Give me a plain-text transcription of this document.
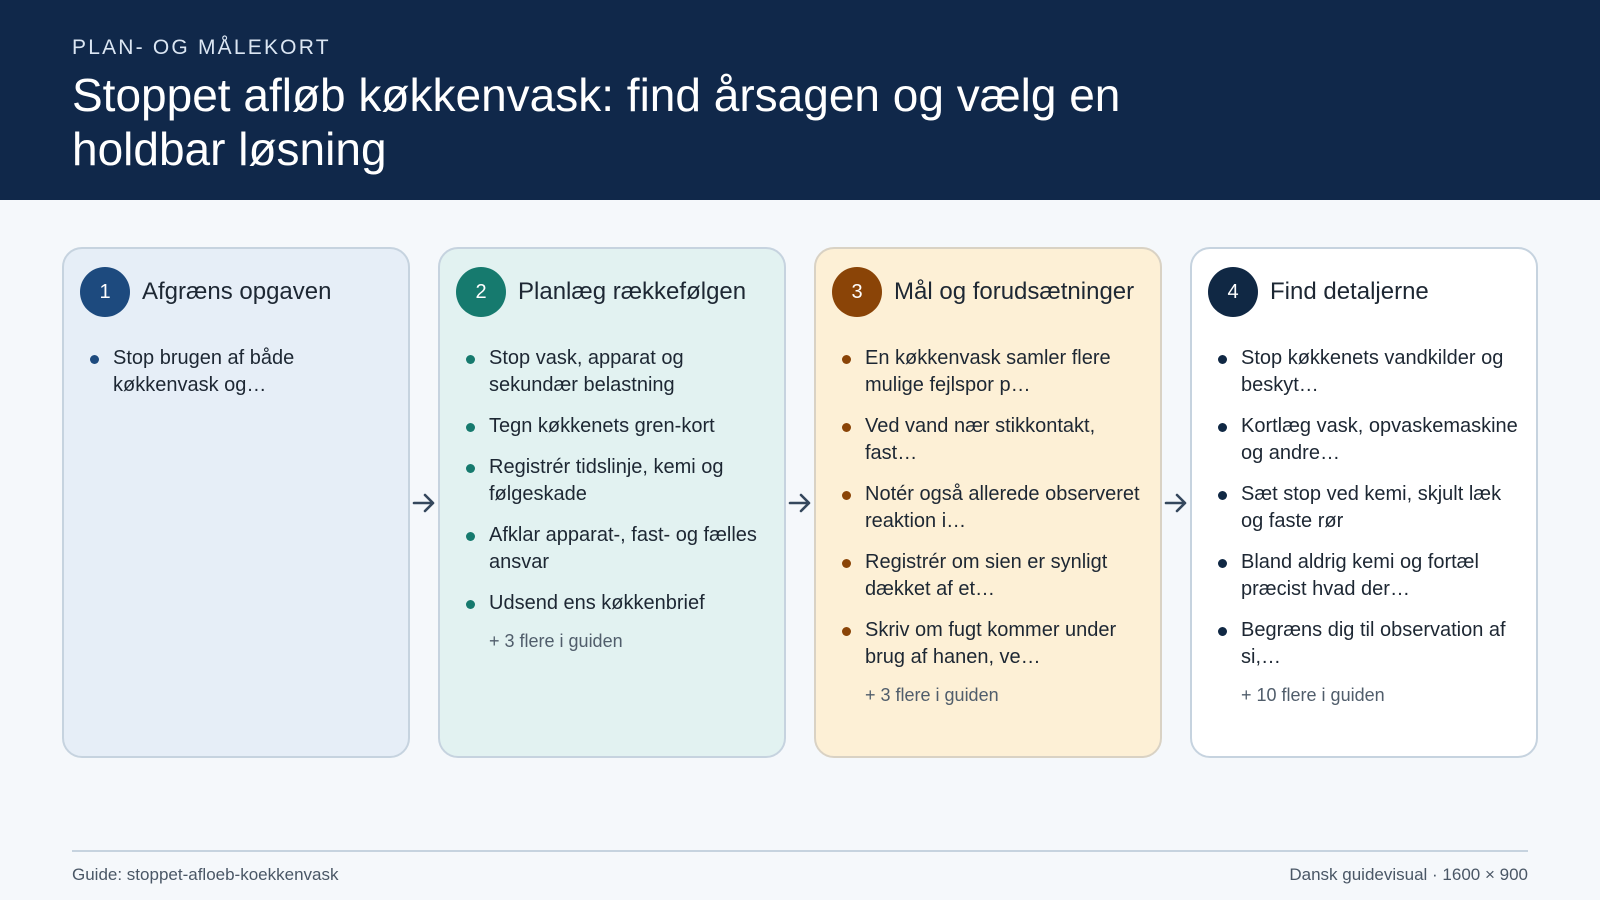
PLAN- OG MÅLEKORT
Stoppet afløb køkkenvask: find årsagen og vælg en holdbar løsning
1	Afgræns opgaven
Stop brugen af både køkkenvask og…
2	Planlæg rækkefølgen
Stop vask, apparat og sekundær belastning
Tegn køkkenets gren-kort
Registrér tidslinje, kemi og følgeskade
Afklar apparat-, fast- og fælles ansvar
Udsend ens køkkenbrief
+ 3 flere i guiden
3	Mål og forudsætninger
En køkkenvask samler flere mulige fejlspor p…
Ved vand nær stikkontakt, fast…
Notér også allerede observeret reaktion i…
Registrér om sien er synligt dækket af et…
Skriv om fugt kommer under brug af hanen, ve…
+ 3 flere i guiden
4	Find detaljerne
Stop køkkenets vandkilder og beskyt…
Kortlæg vask, opvaskemaskine og andre…
Sæt stop ved kemi, skjult læk og faste rør
Bland aldrig kemi og fortæl præcist hvad der…
Begræns dig til observation af si,…
+ 10 flere i guiden
Guide: stoppet-afloeb-koekkenvask	Dansk guidevisual · 1600 × 900
